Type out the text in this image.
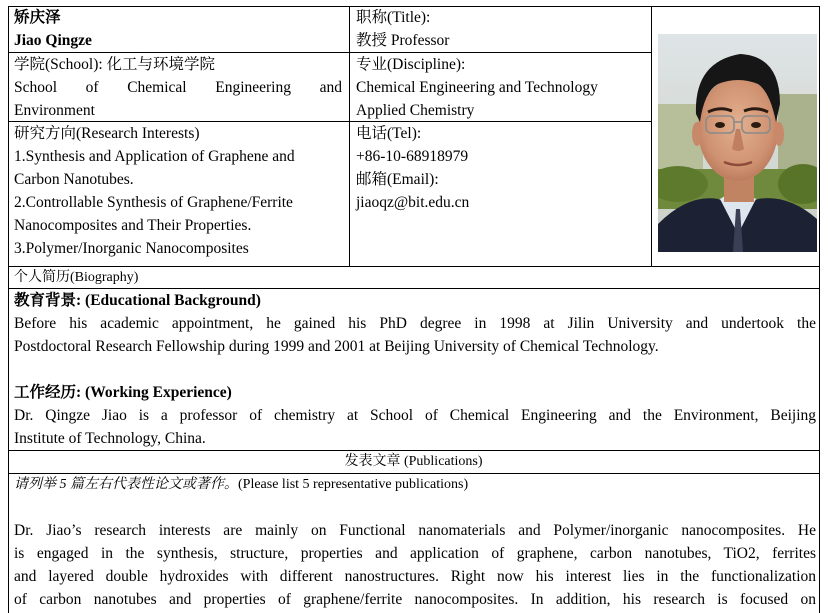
矫庆泽
Jiao Qingze
职称(Title):
教授 Professor
学院(School): 化工与环境学院
School of Chemical Engineering and
Environment
专业(Discipline):
Chemical Engineering and Technology
Applied Chemistry
研究方向(Research Interests)
1.Synthesis and Application of Graphene and
Carbon Nanotubes.
2.Controllable Synthesis of Graphene/Ferrite
Nanocomposites and Their Properties.
3.Polymer/Inorganic Nanocomposites
电话(Tel):
+86-10-68918979
邮箱(Email):
jiaoqz@bit.edu.cn
个人简历(Biography)
教育背景: (Educational Background)
Before his academic appointment, he gained his PhD degree in 1998 at Jilin University and undertook the
Postdoctoral Research Fellowship during 1999 and 2001 at Beijing University of Chemical Technology.

工作经历: (Working Experience)
Dr. Qingze Jiao is a professor of chemistry at School of Chemical Engineering and the Environment, Beijing
Institute of Technology, China.
发表文章 (Publications)
请列举 5 篇左右代表性论文或著作。(Please list 5 representative publications)
Dr. Jiao’s research interests are mainly on Functional nanomaterials and Polymer/inorganic nanocomposites. He
is engaged in the synthesis, structure, properties and application of graphene, carbon nanotubes, TiO2, ferrites
and layered double hydroxides with different nanostructures. Right now his interest lies in the functionalization
of carbon nanotubes and properties of graphene/ferrite nanocomposites. In addition, his research is focused on
